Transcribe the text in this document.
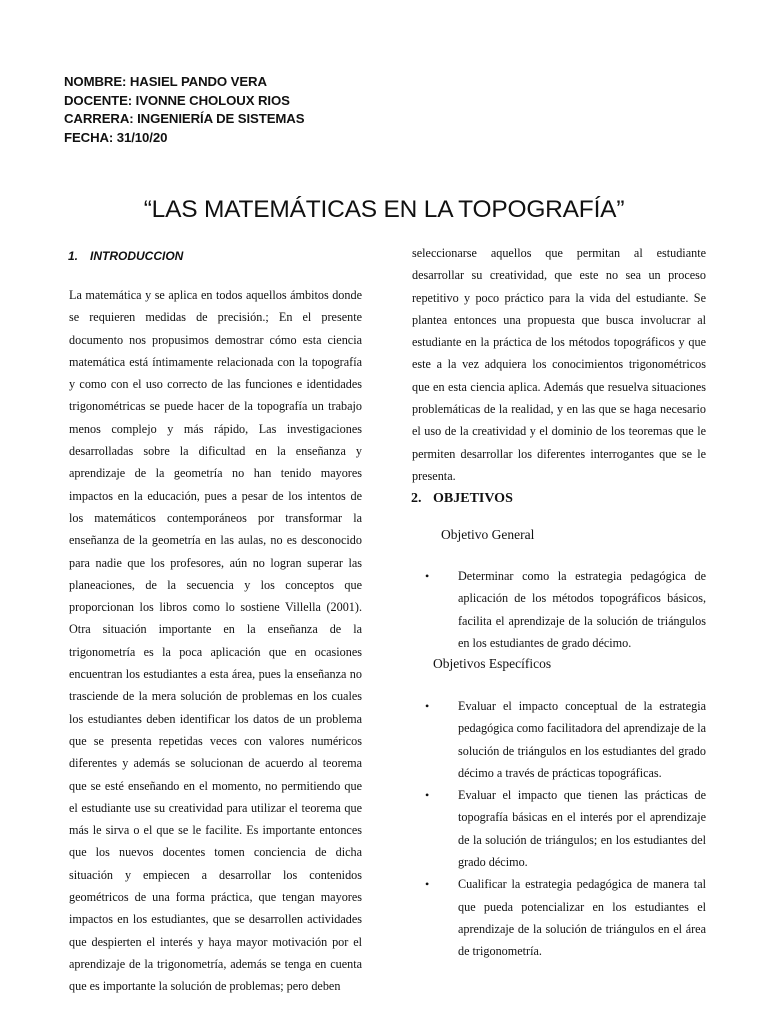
NOMBRE: HASIEL PANDO VERA
DOCENTE: IVONNE CHOLOUX RIOS
CARRERA: INGENIERÍA DE SISTEMAS
FECHA: 31/10/20
“LAS MATEMÁTICAS EN LA TOPOGRAFÍA”
1. INTRODUCCION
La matemática y se aplica en todos aquellos ámbitos donde se requieren medidas de precisión.; En el presente documento nos propusimos demostrar cómo esta ciencia matemática está íntimamente relacionada con la topografía y como con el uso correcto de las funciones e identidades trigonométricas se puede hacer de la topografía un trabajo menos complejo y más rápido, Las investigaciones desarrolladas sobre la dificultad en la enseñanza y aprendizaje de la geometría no han tenido mayores impactos en la educación, pues a pesar de los intentos de los matemáticos contemporáneos por transformar la enseñanza de la geometría en las aulas, no es desconocido para nadie que los profesores, aún no logran superar las planeaciones, de la secuencia y los conceptos que proporcionan los libros como lo sostiene Villella (2001). Otra situación importante en la enseñanza de la trigonometría es la poca aplicación que en ocasiones encuentran los estudiantes a esta área, pues la enseñanza no trasciende de la mera solución de problemas en los cuales los estudiantes deben identificar los datos de un problema que se presenta repetidas veces con valores numéricos diferentes y además se solucionan de acuerdo al teorema que se esté enseñando en el momento, no permitiendo que el estudiante use su creatividad para utilizar el teorema que más le sirva o el que se le facilite. Es importante entonces que los nuevos docentes tomen conciencia de dicha situación y empiecen a desarrollar los contenidos geométricos de una forma práctica, que tengan mayores impactos en los estudiantes, que se desarrollen actividades que despierten el interés y haya mayor motivación por el aprendizaje de la trigonometría, además se tenga en cuenta que es importante la solución de problemas; pero deben
seleccionarse aquellos que permitan al estudiante desarrollar su creatividad, que este no sea un proceso repetitivo y poco práctico para la vida del estudiante. Se plantea entonces una propuesta que busca involucrar al estudiante en la práctica de los métodos topográficos y que este a la vez adquiera los conocimientos trigonométricos que en esta ciencia aplica. Además que resuelva situaciones problemáticas de la realidad, y en las que se haga necesario el uso de la creatividad y el dominio de los teoremas que le permiten desarrollar los diferentes interrogantes que se le presenta.
2. OBJETIVOS
Objetivo General
• Determinar como la estrategia pedagógica de aplicación de los métodos topográficos básicos, facilita el aprendizaje de la solución de triángulos en los estudiantes de grado décimo.
Objetivos Específicos
• Evaluar el impacto conceptual de la estrategia pedagógica como facilitadora del aprendizaje de la solución de triángulos en los estudiantes del grado décimo a través de prácticas topográficas.
• Evaluar el impacto que tienen las prácticas de topografía básicas en el interés por el aprendizaje de la solución de triángulos; en los estudiantes del grado décimo.
• Cualificar la estrategia pedagógica de manera tal que pueda potencializar en los estudiantes el aprendizaje de la solución de triángulos en el área de trigonometría.
